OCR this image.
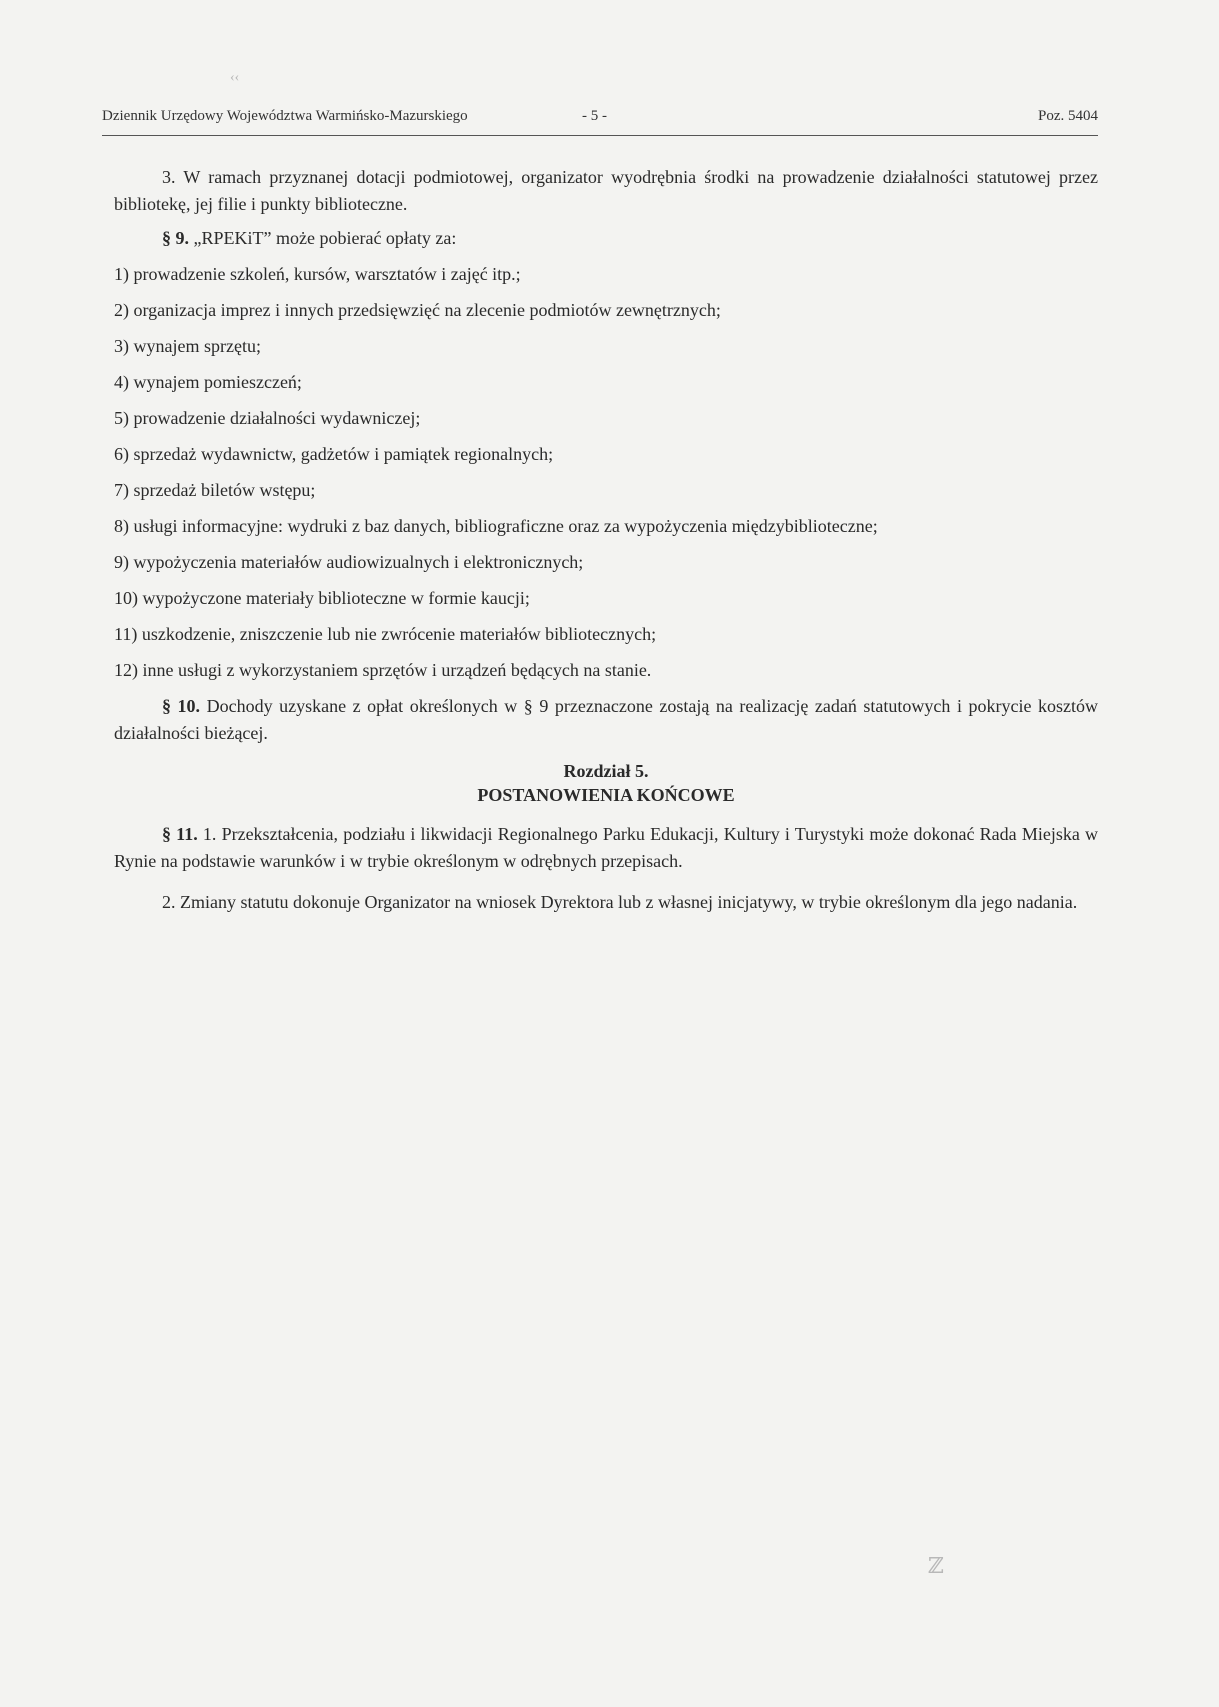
Dziennik Urzędowy Województwa Warmińsko-Mazurskiego	- 5 -	Poz. 5404

3. W ramach przyznanej dotacji podmiotowej, organizator wyodrębnia środki na prowadzenie działalności statutowej przez bibliotekę, jej filie i punkty biblioteczne.

§ 9. „RPEKiT” może pobierać opłaty za:

1) prowadzenie szkoleń, kursów, warsztatów i zajęć itp.;
2) organizacja imprez i innych przedsięwzięć na zlecenie podmiotów zewnętrznych;
3) wynajem sprzętu;
4) wynajem pomieszczeń;
5) prowadzenie działalności wydawniczej;
6) sprzedaż wydawnictw, gadżetów i pamiątek regionalnych;
7) sprzedaż biletów wstępu;
8) usługi informacyjne: wydruki z baz danych, bibliograficzne oraz za wypożyczenia międzybiblioteczne;
9) wypożyczenia materiałów audiowizualnych i elektronicznych;
10) wypożyczone materiały biblioteczne w formie kaucji;
11) uszkodzenie, zniszczenie lub nie zwrócenie materiałów bibliotecznych;
12) inne usługi z wykorzystaniem sprzętów i urządzeń będących na stanie.

§ 10. Dochody uzyskane z opłat określonych w § 9 przeznaczone zostają na realizację zadań statutowych i pokrycie kosztów działalności bieżącej.

Rozdział 5.
POSTANOWIENIA KOŃCOWE

§ 11. 1. Przekształcenia, podziału i likwidacji Regionalnego Parku Edukacji, Kultury i Turystyki może dokonać Rada Miejska w Rynie na podstawie warunków i w trybie określonym w odrębnych przepisach.

2. Zmiany statutu dokonuje Organizator na wniosek Dyrektora lub z własnej inicjatywy, w trybie określonym dla jego nadania.

‹‹
ℤ
